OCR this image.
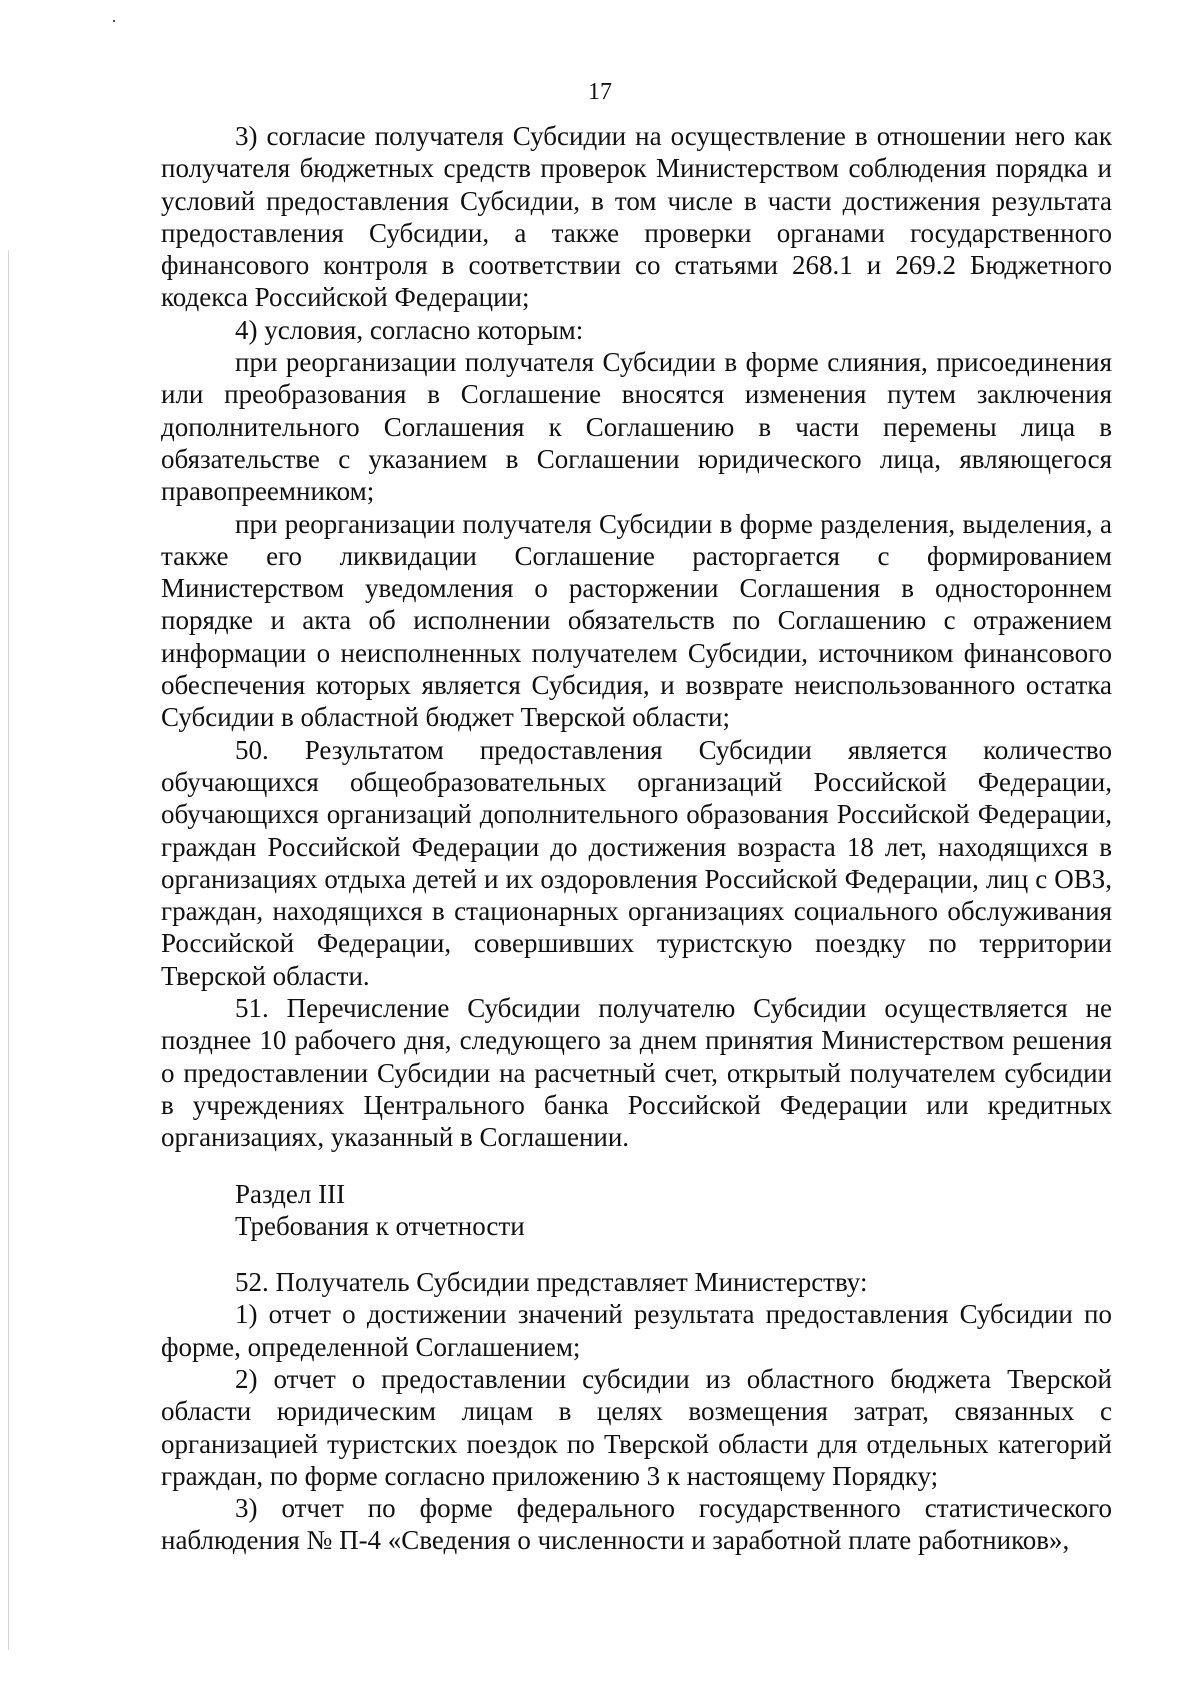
17

3) согласие получателя Субсидии на осуществление в отношении него как получателя бюджетных средств проверок Министерством соблюдения порядка и условий предоставления Субсидии, в том числе в части достижения результата предоставления Субсидии, а также проверки органами государственного финансового контроля в соответствии со статьями 268.1 и 269.2 Бюджетного кодекса Российской Федерации;

4) условия, согласно которым:

при реорганизации получателя Субсидии в форме слияния, присоединения или преобразования в Соглашение вносятся изменения путем заключения дополнительного Соглашения к Соглашению в части перемены лица в обязательстве с указанием в Соглашении юридического лица, являющегося правопреемником;

при реорганизации получателя Субсидии в форме разделения, выделения, а также его ликвидации Соглашение расторгается с формированием Министерством уведомления о расторжении Соглашения в одностороннем порядке и акта об исполнении обязательств по Соглашению с отражением информации о неисполненных получателем Субсидии, источником финансового обеспечения которых является Субсидия, и возврате неиспользованного остатка Субсидии в областной бюджет Тверской области;

50. Результатом предоставления Субсидии является количество обучающихся общеобразовательных организаций Российской Федерации, обучающихся организаций дополнительного образования Российской Федерации, граждан Российской Федерации до достижения возраста 18 лет, находящихся в организациях отдыха детей и их оздоровления Российской Федерации, лиц с ОВЗ, граждан, находящихся в стационарных организациях социального обслуживания Российской Федерации, совершивших туристскую поездку по территории Тверской области.

51. Перечисление Субсидии получателю Субсидии осуществляется не позднее 10 рабочего дня, следующего за днем принятия Министерством решения о предоставлении Субсидии на расчетный счет, открытый получателем субсидии в учреждениях Центрального банка Российской Федерации или кредитных организациях, указанный в Соглашении.

Раздел III

Требования к отчетности

52. Получатель Субсидии представляет Министерству:

1) отчет о достижении значений результата предоставления Субсидии по форме, определенной Соглашением;

2) отчет о предоставлении субсидии из областного бюджета Тверской области юридическим лицам в целях возмещения затрат, связанных с организацией туристских поездок по Тверской области для отдельных категорий граждан, по форме согласно приложению 3 к настоящему Порядку;

3) отчет по форме федерального государственного статистического наблюдения № П-4 «Сведения о численности и заработной плате работников»,
